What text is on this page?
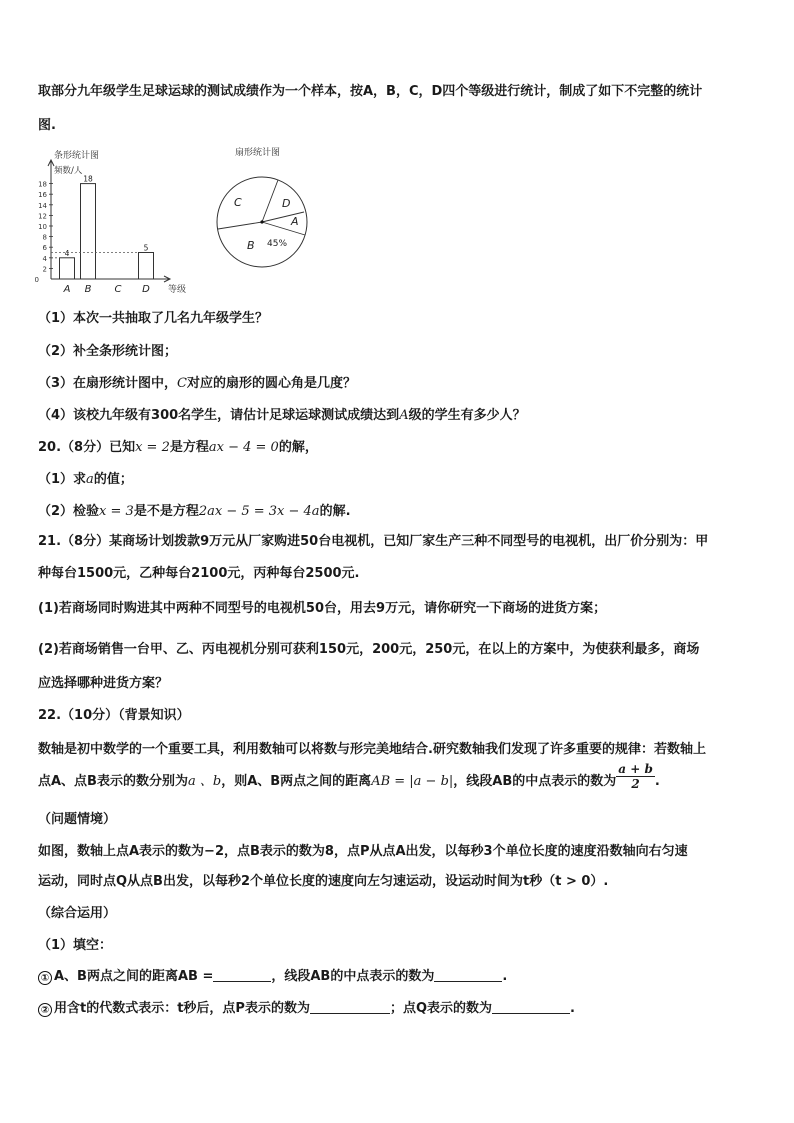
取部分九年级学生足球运球的测试成绩作为一个样本，按A，B，C，D四个等级进行统计，制成了如下不完整的统计
图.
条形统计图
频数/人
等级
0
2
4
6
8
10
12
14
16
18
A
4
B
18
C D
5
扇形统计图
C	D
A
B 45%
（1）本次一共抽取了几名九年级学生？
（2）补全条形统计图；
（3）在扇形统计图中，C对应的扇形的圆心角是几度？
（4）该校九年级有300名学生，请估计足球运球测试成绩达到A级的学生有多少人？
20.（8分）已知x = 2是方程ax − 4 = 0的解，
（1）求a的值；
（2）检验x = 3是不是方程2ax − 5 = 3x − 4a的解.
21.（8分）某商场计划拨款9万元从厂家购进50台电视机，已知厂家生产三种不同型号的电视机，出厂价分别为：甲
种每台1500元，乙种每台2100元，丙种每台2500元.
(1)若商场同时购进其中两种不同型号的电视机50台，用去9万元，请你研究一下商场的进货方案；
(2)若商场销售一台甲、乙、丙电视机分别可获利150元，200元，250元，在以上的方案中，为使获利最多，商场
应选择哪种进货方案？
22.（10分）（背景知识）
数轴是初中数学的一个重要工具，利用数轴可以将数与形完美地结合.研究数轴我们发现了许多重要的规律：若数轴上
点A、点B表示的数分别为a 、b，则A、B两点之间的距离AB = |a − b|，线段AB的中点表示的数为 $\frac{a + b}{2}$ .
（问题情境）
如图，数轴上点A表示的数为−2，点B表示的数为8，点P从点A出发，以每秒3个单位长度的速度沿数轴向右匀速
运动，同时点Q从点B出发，以每秒2个单位长度的速度向左匀速运动，设运动时间为t秒（t > 0）.
（综合运用）
（1）填空：
① A、B两点之间的距离AB =	，线段AB的中点表示的数为	.
② 用含t的代数式表示：t秒后，点P表示的数为	；点Q表示的数为	.
